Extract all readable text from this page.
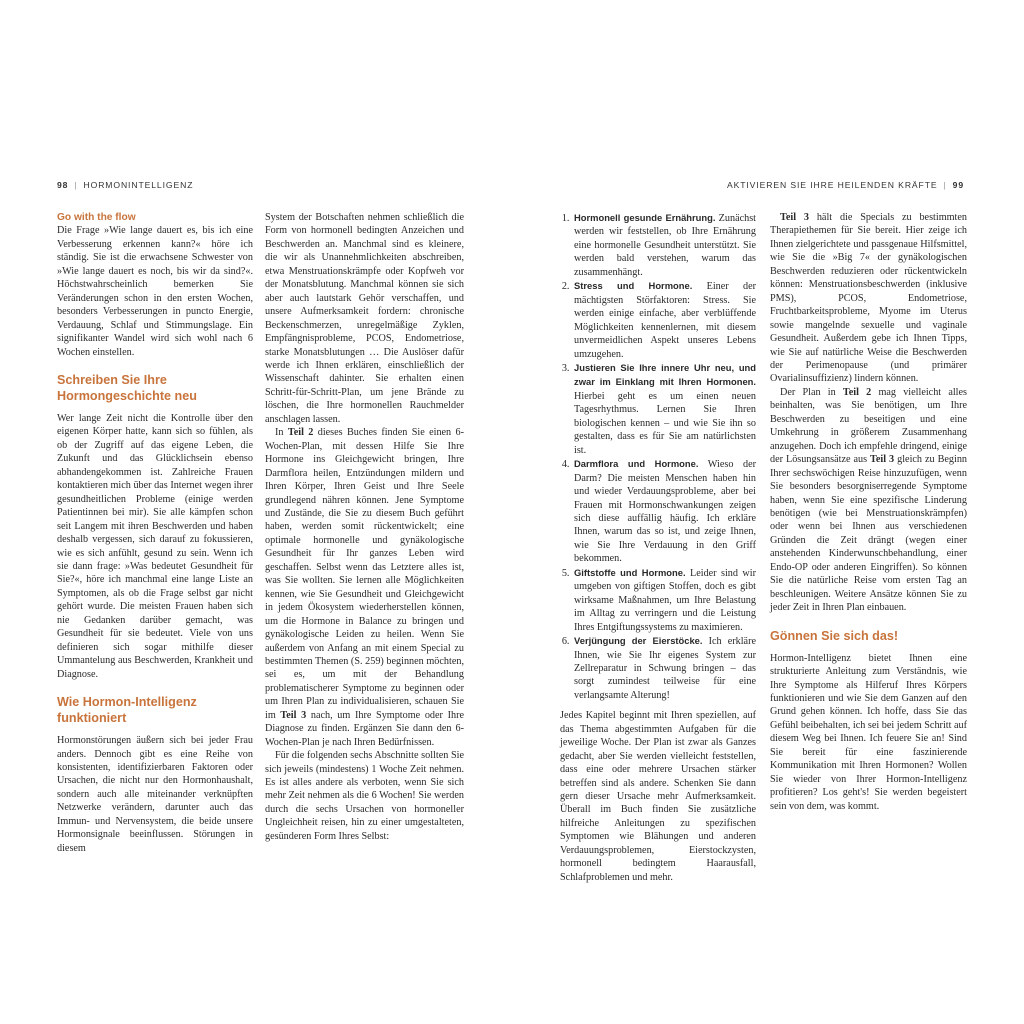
98 | HORMONINTELLIGENZ	AKTIVIEREN SIE IHRE HEILENDEN KRÄFTE | 99
Go with the flow

Die Frage »Wie lange dauert es, bis ich eine Verbesserung erkennen kann?« höre ich ständig. Sie ist die erwachsene Schwester von »Wie lange dauert es noch, bis wir da sind?«. Höchstwahrscheinlich bemerken Sie Veränderungen schon in den ersten Wochen, besonders Verbesserungen in puncto Energie, Verdauung, Schlaf und Stimmungslage. Ein signifikanter Wandel wird sich wohl nach 6 Wochen einstellen.

Schreiben Sie Ihre Hormongeschichte neu

Wer lange Zeit nicht die Kontrolle über den eigenen Körper hatte, kann sich so fühlen, als ob der Zugriff auf das eigene Leben, die Zukunft und das Glücklichsein ebenso abhandengekommen ist. Zahlreiche Frauen kontaktieren mich über das Internet wegen ihrer gesundheitlichen Probleme (einige werden Patientinnen bei mir). Sie alle kämpfen schon seit Langem mit ihren Beschwerden und haben deshalb vergessen, sich darauf zu fokussieren, wie es sich anfühlt, gesund zu sein. Wenn ich sie dann frage: »Was bedeutet Gesundheit für Sie?«, höre ich manchmal eine lange Liste an Symptomen, als ob die Frage selbst gar nicht gehört wurde. Die meisten Frauen haben sich nie Gedanken darüber gemacht, was Gesundheit für sie bedeutet. Viele von uns definieren sich sogar mithilfe dieser Ummantelung aus Beschwerden, Krankheit und Diagnose.

Wie Hormon-Intelligenz funktioniert

Hormonstörungen äußern sich bei jeder Frau anders. Dennoch gibt es eine Reihe von konsistenten, identifizierbaren Faktoren oder Ursachen, die nicht nur den Hormonhaushalt, sondern auch alle miteinander verknüpften Netzwerke verändern, darunter auch das Immun- und Nervensystem, die beide unsere Hormonsignale beeinflussen. Störungen in diesem

System der Botschaften nehmen schließlich die Form von hormonell bedingten Anzeichen und Beschwerden an. Manchmal sind es kleinere, die wir als Unannehmlichkeiten abschreiben, etwa Menstruationskrämpfe oder Kopfweh vor der Monatsblutung. Manchmal können sie sich aber auch lautstark Gehör verschaffen, und unsere Aufmerksamkeit fordern: chronische Beckenschmerzen, unregelmäßige Zyklen, Empfängnisprobleme, PCOS, Endometriose, starke Monatsblutungen … Die Auslöser dafür werde ich Ihnen erklären, einschließlich der Wissenschaft dahinter. Sie erhalten einen Schritt-für-Schritt-Plan, um jene Brände zu löschen, die Ihre hormonellen Rauchmelder anschlagen lassen.

In Teil 2 dieses Buches finden Sie einen 6-Wochen-Plan, mit dessen Hilfe Sie Ihre Hormone ins Gleichgewicht bringen, Ihre Darmflora heilen, Entzündungen mildern und Ihren Körper, Ihren Geist und Ihre Seele grundlegend nähren können. Jene Symptome und Zustände, die Sie zu diesem Buch geführt haben, werden somit rückentwickelt; eine optimale hormonelle und gynäkologische Gesundheit für Ihr ganzes Leben wird geschaffen. Selbst wenn das Letztere alles ist, was Sie wollten. Sie lernen alle Möglichkeiten kennen, wie Sie Gesundheit und Gleichgewicht in jedem Ökosystem wiederherstellen können, um die Hormone in Balance zu bringen und gynäkologische Leiden zu heilen. Wenn Sie außerdem von Anfang an mit einem Special zu bestimmten Themen (S. 259) beginnen möchten, sei es, um mit der Behandlung problematischerer Symptome zu beginnen oder um Ihren Plan zu individualisieren, schauen Sie im Teil 3 nach, um Ihre Symptome oder Ihre Diagnose zu finden. Ergänzen Sie dann den 6-Wochen-Plan je nach Ihren Bedürfnissen.

Für die folgenden sechs Abschnitte sollten Sie sich jeweils (mindestens) 1 Woche Zeit nehmen. Es ist alles andere als verboten, wenn Sie sich mehr Zeit nehmen als die 6 Wochen! Sie werden durch die sechs Ursachen von hormoneller Ungleichheit reisen, hin zu einer umgestalteten, gesünderen Form Ihres Selbst:

1. Hormonell gesunde Ernährung. Zunächst werden wir feststellen, ob Ihre Ernährung eine hormonelle Gesundheit unterstützt. Sie werden bald verstehen, warum das zusammenhängt.
2. Stress und Hormone. Einer der mächtigsten Störfaktoren: Stress. Sie werden einige einfache, aber verblüffende Möglichkeiten kennenlernen, mit diesem unvermeidlichen Aspekt unseres Lebens umzugehen.
3. Justieren Sie Ihre innere Uhr neu, und zwar im Einklang mit Ihren Hormonen. Hierbei geht es um einen neuen Tagesrhythmus. Lernen Sie Ihren biologischen kennen – und wie Sie ihn so gestalten, dass es für Sie am natürlichsten ist.
4. Darmflora und Hormone. Wieso der Darm? Die meisten Menschen haben hin und wieder Verdauungsprobleme, aber bei Frauen mit Hormonschwankungen zeigen sich diese auffällig häufig. Ich erkläre Ihnen, warum das so ist, und zeige Ihnen, wie Sie Ihre Verdauung in den Griff bekommen.
5. Giftstoffe und Hormone. Leider sind wir umgeben von giftigen Stoffen, doch es gibt wirksame Maßnahmen, um Ihre Belastung im Alltag zu verringern und die Leistung Ihres Entgiftungssystems zu maximieren.
6. Verjüngung der Eierstöcke. Ich erkläre Ihnen, wie Sie Ihr eigenes System zur Zellreparatur in Schwung bringen – das sorgt zumindest teilweise für eine verlangsamte Alterung!

Jedes Kapitel beginnt mit Ihren speziellen, auf das Thema abgestimmten Aufgaben für die jeweilige Woche. Der Plan ist zwar als Ganzes gedacht, aber Sie werden vielleicht feststellen, dass eine oder mehrere Ursachen stärker betreffen sind als andere. Schenken Sie dann gern dieser Ursache mehr Aufmerksamkeit. Überall im Buch finden Sie zusätzliche hilfreiche Anleitungen zu spezifischen Symptomen wie Blähungen und anderen Verdauungsproblemen, Eierstockzysten, hormonell bedingtem Haarausfall, Schlafproblemen und mehr.

Teil 3 hält die Specials zu bestimmten Therapiethemen für Sie bereit. Hier zeige ich Ihnen zielgerichtete und passgenaue Hilfsmittel, wie Sie die »Big 7« der gynäkologischen Beschwerden reduzieren oder rückentwickeln können: Menstruationsbeschwerden (inklusive PMS), PCOS, Endometriose, Fruchtbarkeitsprobleme, Myome im Uterus sowie mangelnde sexuelle und vaginale Gesundheit. Außerdem gebe ich Ihnen Tipps, wie Sie auf natürliche Weise die Beschwerden der Perimenopause (und primärer Ovarialinsuffizienz) lindern können.

Der Plan in Teil 2 mag vielleicht alles beinhalten, was Sie benötigen, um Ihre Beschwerden zu beseitigen und eine Umkehrung in größerem Zusammenhang anzugehen. Doch ich empfehle dringend, einige der Lösungsansätze aus Teil 3 gleich zu Beginn Ihrer sechswöchigen Reise hinzuzufügen, wenn Sie besonders besorgniserregende Symptome haben, wenn Sie eine spezifische Linderung benötigen (wie bei Menstruationskrämpfen) oder wenn bei Ihnen aus verschiedenen Gründen die Zeit drängt (wegen einer anstehenden Kinderwunschbehandlung, einer Endo-OP oder anderen Eingriffen). So können Sie die natürliche Reise vom ersten Tag an beschleunigen. Weitere Ansätze können Sie zu jeder Zeit in Ihren Plan einbauen.

Gönnen Sie sich das!

Hormon-Intelligenz bietet Ihnen eine strukturierte Anleitung zum Verständnis, wie Ihre Symptome als Hilferuf Ihres Körpers funktionieren und wie Sie dem Ganzen auf den Grund gehen können. Ich hoffe, dass Sie das Gefühl beibehalten, ich sei bei jedem Schritt auf diesem Weg bei Ihnen. Ich feuere Sie an! Sind Sie bereit für eine faszinierende Kommunikation mit Ihren Hormonen? Wollen Sie wieder von Ihrer Hormon-Intelligenz profitieren? Los geht's! Sie werden begeistert sein von dem, was kommt.
